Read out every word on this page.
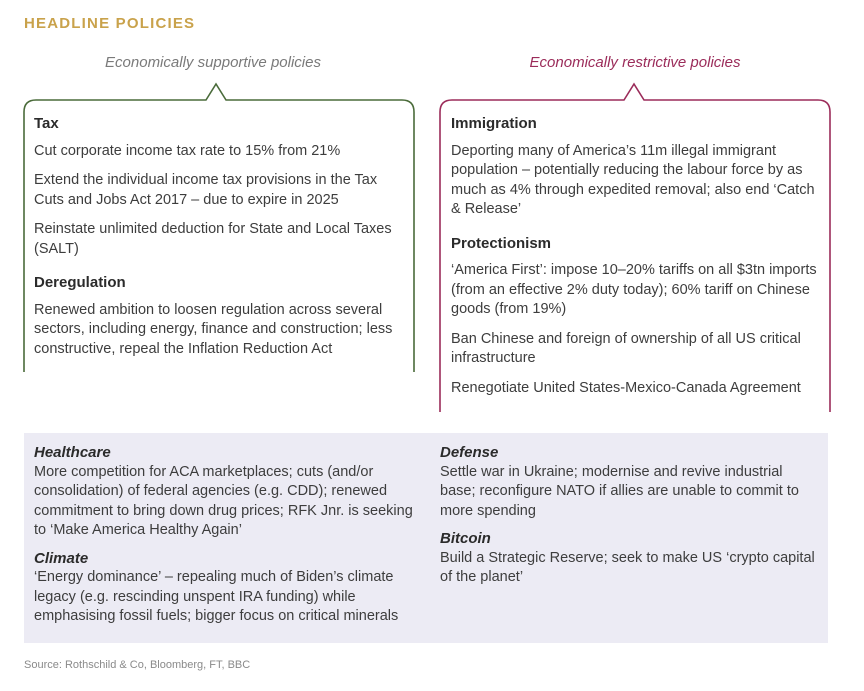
HEADLINE POLICIES
Economically supportive policies	Economically restrictive policies
Tax
Cut corporate income tax rate to 15% from 21%
Extend the individual income tax provisions in the Tax Cuts and Jobs Act 2017 – due to expire in 2025
Reinstate unlimited deduction for State and Local Taxes (SALT)
Deregulation
Renewed ambition to loosen regulation across several sectors, including energy, finance and construction; less constructive, repeal the Inflation Reduction Act
Immigration
Deporting many of America’s 11m illegal immigrant population – potentially reducing the labour force by as much as 4% through expedited removal; also end ‘Catch & Release’
Protectionism
‘America First’: impose 10–20% tariffs on all $3tn imports (from an effective 2% duty today); 60% tariff on Chinese goods (from 19%)
Ban Chinese and foreign of ownership of all US critical infrastructure
Renegotiate United States-Mexico-Canada Agreement
Healthcare
More competition for ACA marketplaces; cuts (and/or consolidation) of federal agencies (e.g. CDD); renewed commitment to bring down drug prices; RFK Jnr. is seeking to ‘Make America Healthy Again’
Climate
‘Energy dominance’ – repealing much of Biden’s climate legacy (e.g. rescinding unspent IRA funding) while emphasising fossil fuels; bigger focus on critical minerals
Defense
Settle war in Ukraine; modernise and revive industrial base; reconfigure NATO if allies are unable to commit to more spending
Bitcoin
Build a Strategic Reserve; seek to make US ‘crypto capital of the planet’
Source: Rothschild & Co, Bloomberg, FT, BBC
